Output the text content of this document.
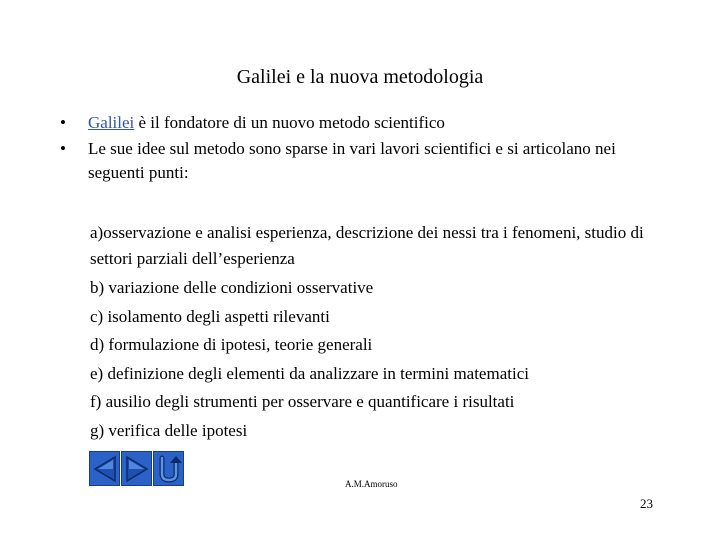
Galilei e la nuova metodologia
• Galilei è il fondatore di un nuovo metodo scientifico
• Le sue idee sul metodo sono sparse in vari lavori scientifici e si articolano nei seguenti punti:
a)osservazione e analisi esperienza, descrizione dei nessi tra i fenomeni, studio di settori parziali dell’esperienza
b) variazione delle condizioni osservative
c) isolamento degli aspetti rilevanti
d) formulazione di ipotesi, teorie generali
e) definizione degli elementi da analizzare in termini matematici
f) ausilio degli strumenti per osservare e quantificare i risultati
g) verifica delle ipotesi
A.M.Amoruso
23
